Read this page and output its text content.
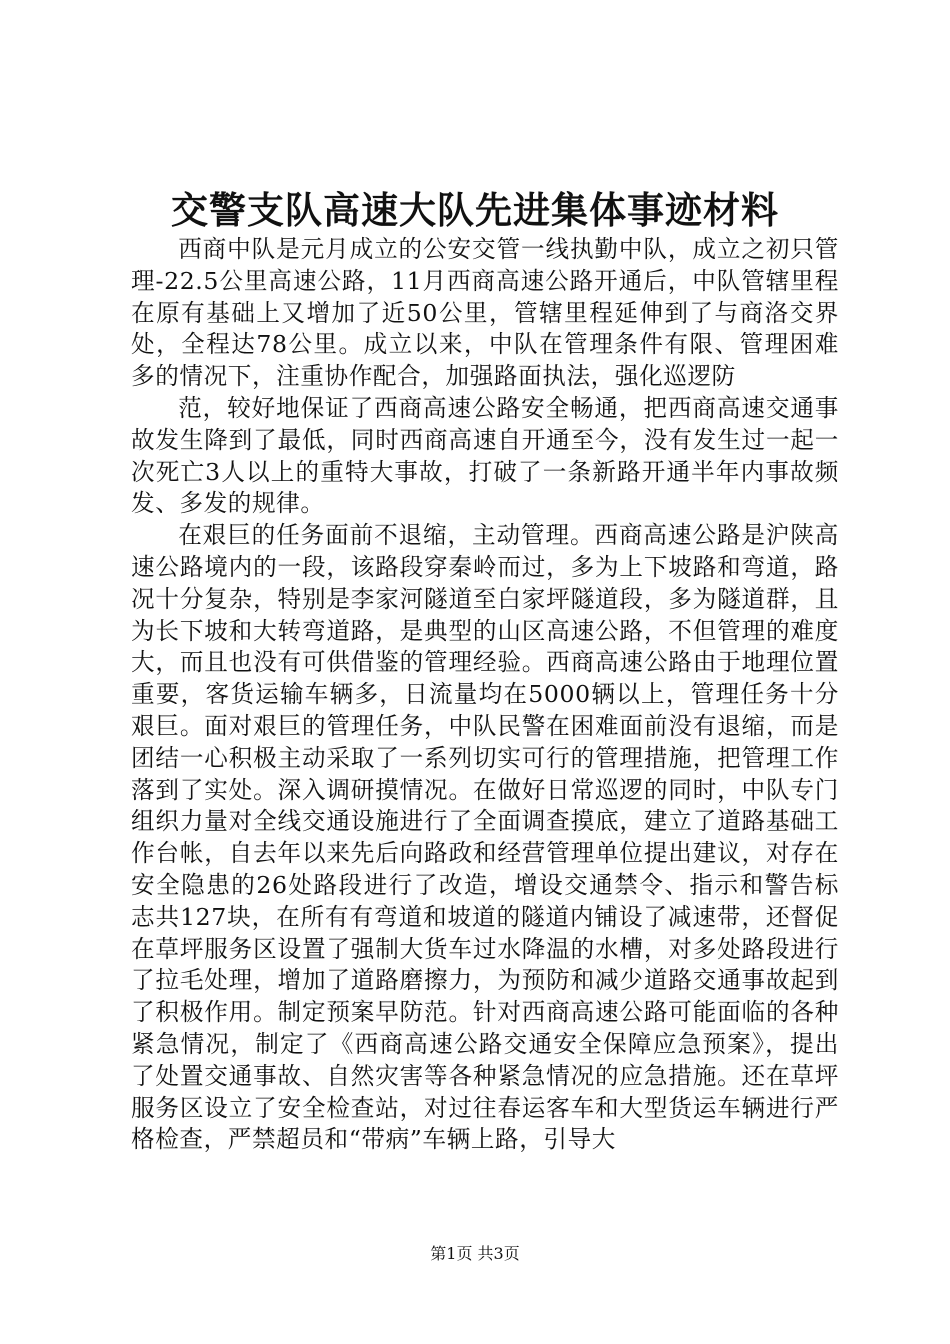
交警支队高速大队先进集体事迹材料

西商中队是元月成立的公安交管一线执勤中队，成立之初只管理-22.5公里高速公路，11月西商高速公路开通后，中队管辖里程在原有基础上又增加了近50公里，管辖里程延伸到了与商洛交界处，全程达78公里。成立以来，中队在管理条件有限、管理困难多的情况下，注重协作配合，加强路面执法，强化巡逻防

范，较好地保证了西商高速公路安全畅通，把西商高速交通事故发生降到了最低，同时西商高速自开通至今，没有发生过一起一次死亡3人以上的重特大事故，打破了一条新路开通半年内事故频发、多发的规律。

在艰巨的任务面前不退缩，主动管理。西商高速公路是沪陕高速公路境内的一段，该路段穿秦岭而过，多为上下坡路和弯道，路况十分复杂，特别是李家河隧道至白家坪隧道段，多为隧道群，且为长下坡和大转弯道路，是典型的山区高速公路，不但管理的难度大，而且也没有可供借鉴的管理经验。西商高速公路由于地理位置重要，客货运输车辆多，日流量均在5000辆以上，管理任务十分艰巨。面对艰巨的管理任务，中队民警在困难面前没有退缩，而是团结一心积极主动采取了一系列切实可行的管理措施，把管理工作落到了实处。深入调研摸情况。在做好日常巡逻的同时，中队专门组织力量对全线交通设施进行了全面调查摸底，建立了道路基础工作台帐，自去年以来先后向路政和经营管理单位提出建议，对存在安全隐患的26处路段进行了改造，增设交通禁令、指示和警告标志共127块，在所有有弯道和坡道的隧道内铺设了减速带，还督促在草坪服务区设置了强制大货车过水降温的水槽，对多处路段进行了拉毛处理，增加了道路磨擦力，为预防和减少道路交通事故起到了积极作用。制定预案早防范。针对西商高速公路可能面临的各种紧急情况，制定了《西商高速公路交通安全保障应急预案》，提出了处置交通事故、自然灾害等各种紧急情况的应急措施。还在草坪服务区设立了安全检查站，对过往春运客车和大型货运车辆进行严格检查，严禁超员和“带病”车辆上路，引导大

第1页 共3页
